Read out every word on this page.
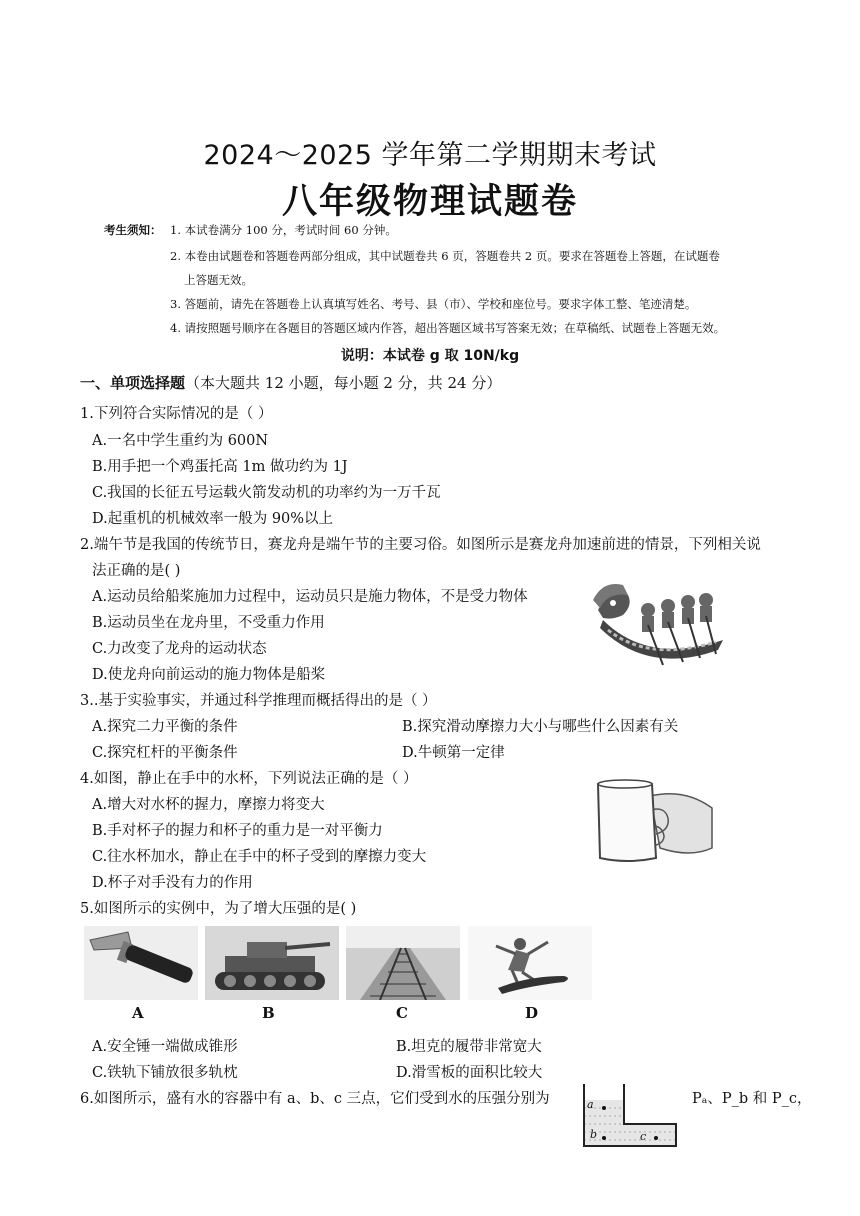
2024～2025 学年第二学期期末考试
八年级物理试题卷
考生须知： 1. 本试卷满分 100 分，考试时间 60 分钟。
2. 本卷由试题卷和答题卷两部分组成，其中试题卷共 6 页，答题卷共 2 页。要求在答题卷上答题，在试题卷
上答题无效。
3. 答题前，请先在答题卷上认真填写姓名、考号、县（市）、学校和座位号。要求字体工整、笔迹清楚。
4. 请按照题号顺序在各题目的答题区域内作答，超出答题区域书写答案无效；在草稿纸、试题卷上答题无效。
说明：本试卷 g 取 10N/kg
一、单项选择题（本大题共 12 小题，每小题 2 分，共 24 分）
1.下列符合实际情况的是（ ）
A.一名中学生重约为 600N
B.用手把一个鸡蛋托高 1m 做功约为 1J
C.我国的长征五号运载火箭发动机的功率约为一万千瓦
D.起重机的机械效率一般为 90%以上
2.端午节是我国的传统节日，赛龙舟是端午节的主要习俗。如图所示是赛龙舟加速前进的情景，下列相关说
法正确的是( )
A.运动员给船桨施加力过程中，运动员只是施力物体，不是受力物体
B.运动员坐在龙舟里，不受重力作用
C.力改变了龙舟的运动状态
D.使龙舟向前运动的施力物体是船桨
3..基于实验事实，并通过科学推理而概括得出的是（ ）
A.探究二力平衡的条件	B.探究滑动摩擦力大小与哪些什么因素有关
C.探究杠杆的平衡条件	D.牛顿第一定律
4.如图，静止在手中的水杯，下列说法正确的是（ ）
A.增大对水杯的握力，摩擦力将变大
B.手对杯子的握力和杯子的重力是一对平衡力
C.往水杯加水，静止在手中的杯子受到的摩擦力变大
D.杯子对手没有力的作用
5.如图所示的实例中，为了增大压强的是( )
A	B	C	D
A.安全锤一端做成锥形	B.坦克的履带非常宽大
C.铁轨下铺放很多轨枕	D.滑雪板的面积比较大
6.如图所示，盛有水的容器中有 a、b、c 三点，它们受到水的压强分别为	Pₐ、P_b 和 P_c，
a
b	c
